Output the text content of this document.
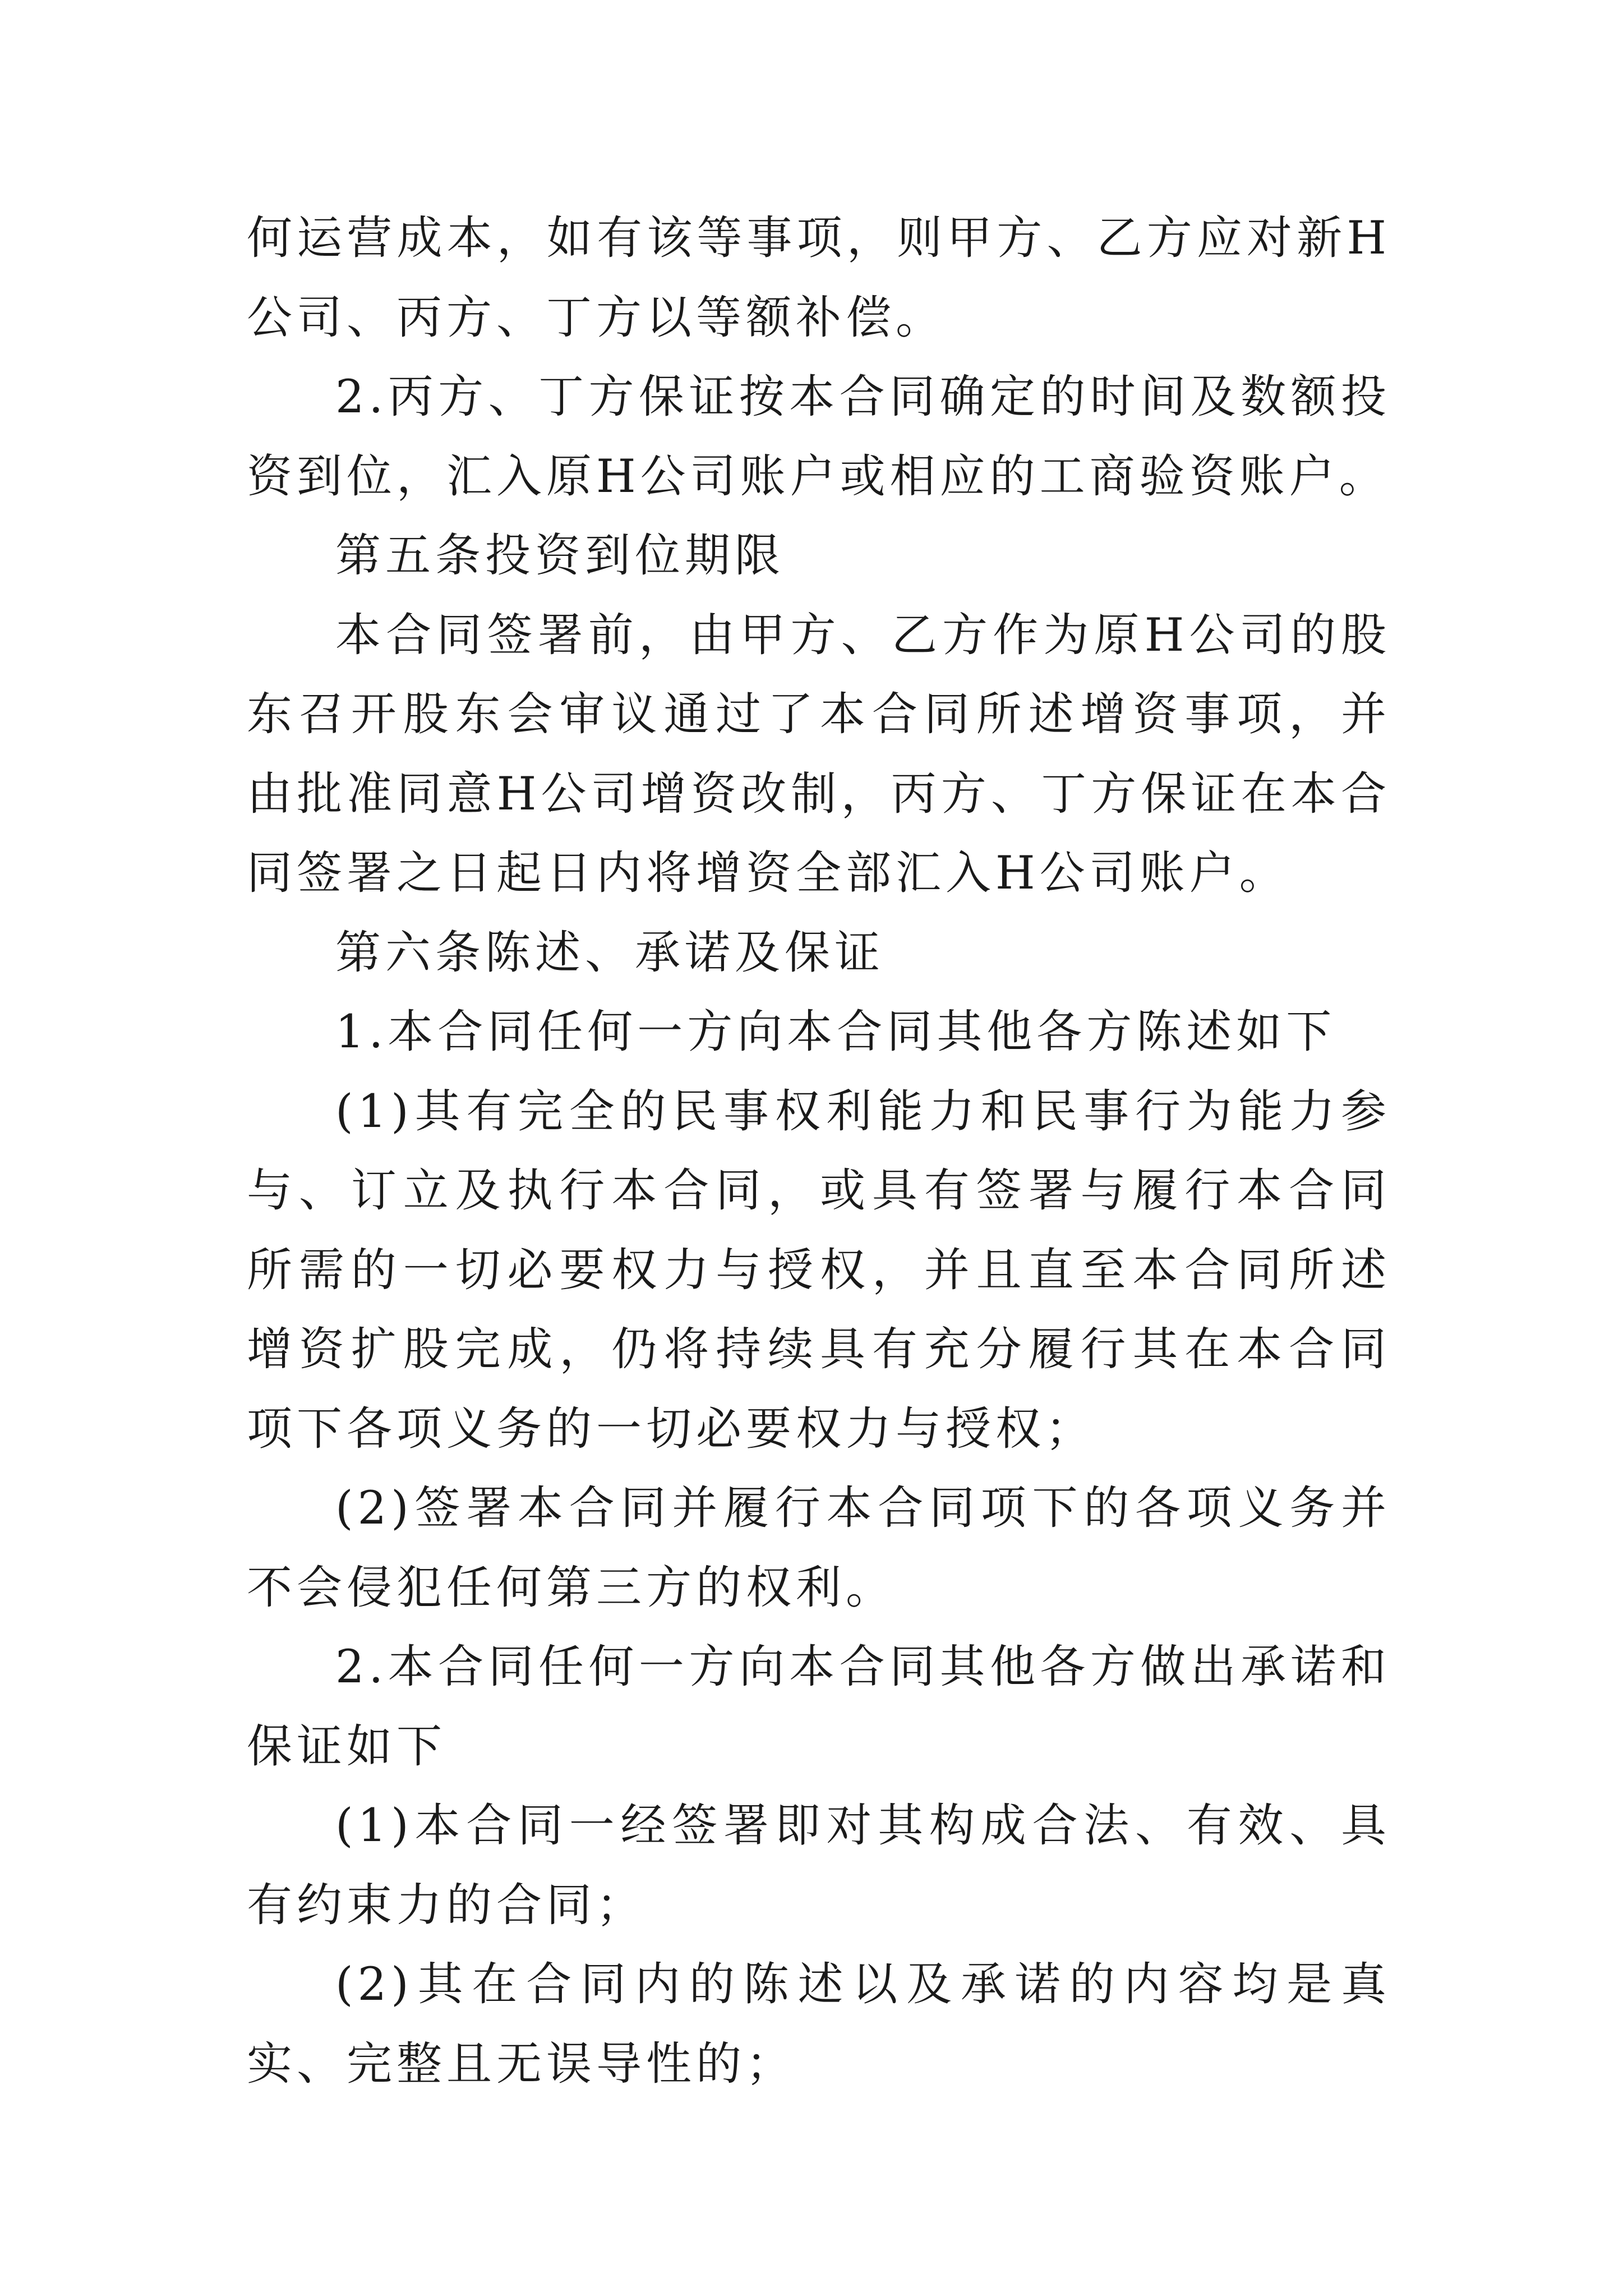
何运营成本，如有该等事项，则甲方、乙方应对新H公司、丙方、丁方以等额补偿。

2.丙方、丁方保证按本合同确定的时间及数额投资到位，汇入原H公司账户或相应的工商验资账户。

第五条投资到位期限

本合同签署前，由甲方、乙方作为原H公司的股东召开股东会审议通过了本合同所述增资事项，并由批准同意H公司增资改制，丙方、丁方保证在本合同签署之日起日内将增资全部汇入H公司账户。

第六条陈述、承诺及保证

1.本合同任何一方向本合同其他各方陈述如下

(1)其有完全的民事权利能力和民事行为能力参与、订立及执行本合同，或具有签署与履行本合同所需的一切必要权力与授权，并且直至本合同所述增资扩股完成，仍将持续具有充分履行其在本合同项下各项义务的一切必要权力与授权；

(2)签署本合同并履行本合同项下的各项义务并不会侵犯任何第三方的权利。

2.本合同任何一方向本合同其他各方做出承诺和保证如下

(1)本合同一经签署即对其构成合法、有效、具有约束力的合同；

(2)其在合同内的陈述以及承诺的内容均是真实、完整且无误导性的；
